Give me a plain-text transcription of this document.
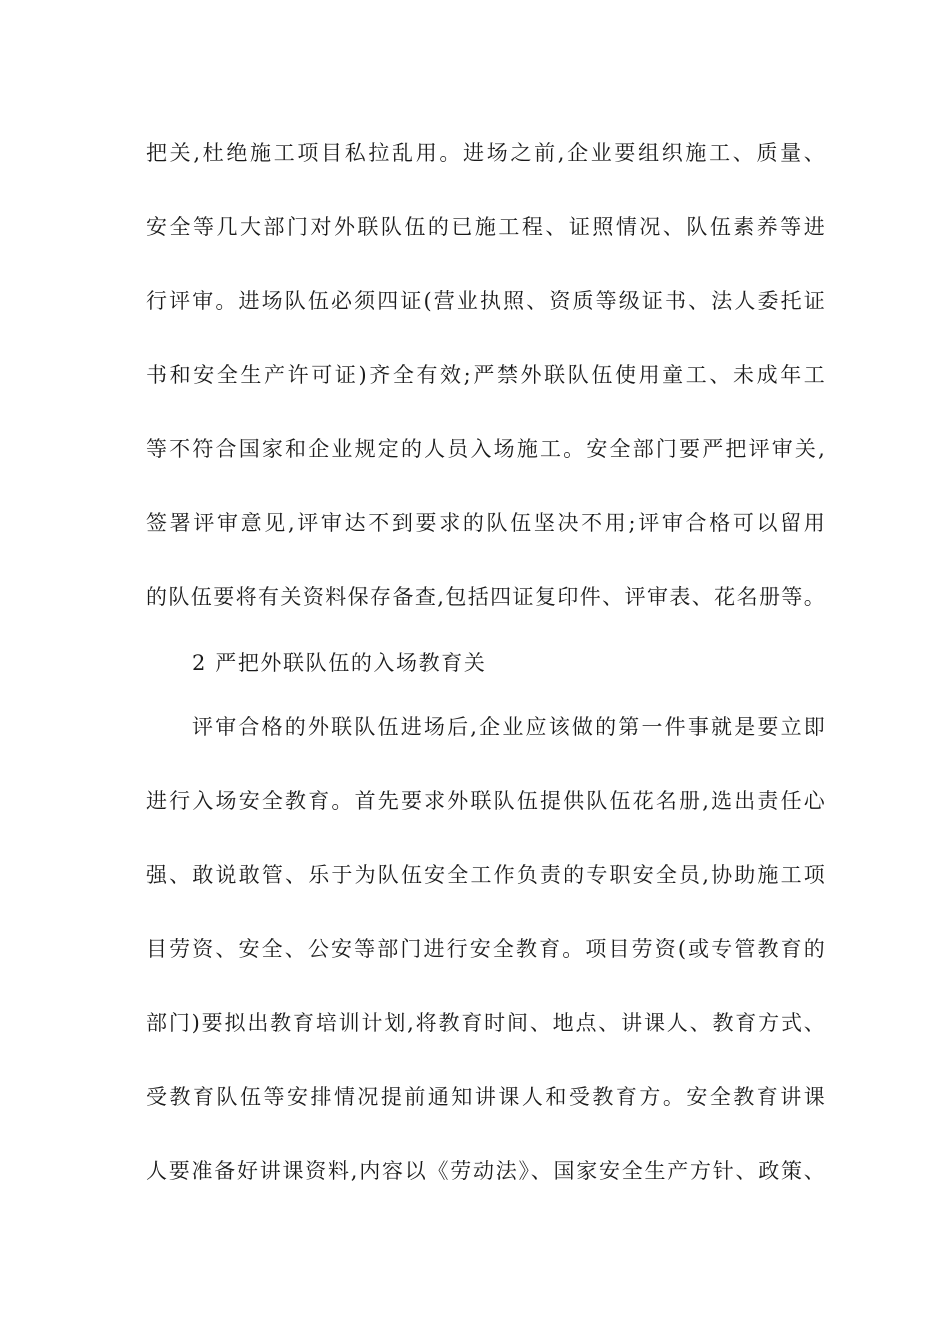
把关,杜绝施工项目私拉乱用。进场之前,企业要组织施工、质量、
安全等几大部门对外联队伍的已施工程、证照情况、队伍素养等进
行评审。进场队伍必须四证(营业执照、资质等级证书、法人委托证
书和安全生产许可证)齐全有效;严禁外联队伍使用童工、未成年工
等不符合国家和企业规定的人员入场施工。安全部门要严把评审关,
签署评审意见,评审达不到要求的队伍坚决不用;评审合格可以留用
的队伍要将有关资料保存备查,包括四证复印件、评审表、花名册等。
2 严把外联队伍的入场教育关
评审合格的外联队伍进场后,企业应该做的第一件事就是要立即
进行入场安全教育。首先要求外联队伍提供队伍花名册,选出责任心
强、敢说敢管、乐于为队伍安全工作负责的专职安全员,协助施工项
目劳资、安全、公安等部门进行安全教育。项目劳资(或专管教育的
部门)要拟出教育培训计划,将教育时间、地点、讲课人、教育方式、
受教育队伍等安排情况提前通知讲课人和受教育方。安全教育讲课
人要准备好讲课资料,内容以《劳动法》、国家安全生产方针、政策、
